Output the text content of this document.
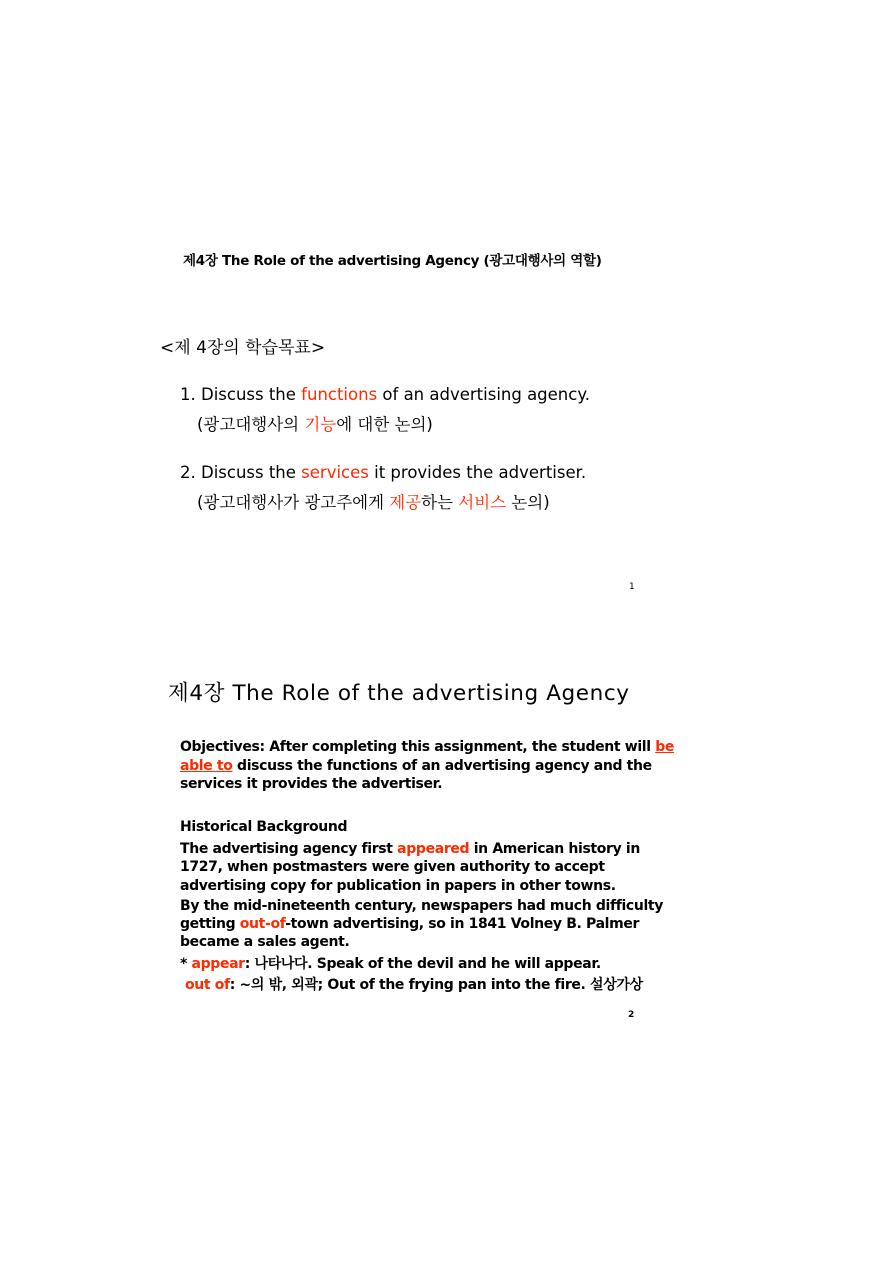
제4장 The Role of the advertising Agency (광고대행사의 역할)
<제 4장의 학습목표>
1. Discuss the functions of an advertising agency.
(광고대행사의 기능에 대한 논의)
2. Discuss the services it provides the advertiser.
(광고대행사가 광고주에게 제공하는 서비스 논의)
1
제4장 The Role of the advertising Agency
Objectives: After completing this assignment, the student will be
able to discuss the functions of an advertising agency and the
services it provides the advertiser.
Historical Background
The advertising agency first appeared in American history in
1727, when postmasters were given authority to accept
advertising copy for publication in papers in other towns.
By the mid-nineteenth century, newspapers had much difficulty
getting out-of-town advertising, so in 1841 Volney B. Palmer
became a sales agent.
* appear: 나타나다. Speak of the devil and he will appear.
out of: ~의 밖, 외곽; Out of the frying pan into the fire. 설상가상
2
